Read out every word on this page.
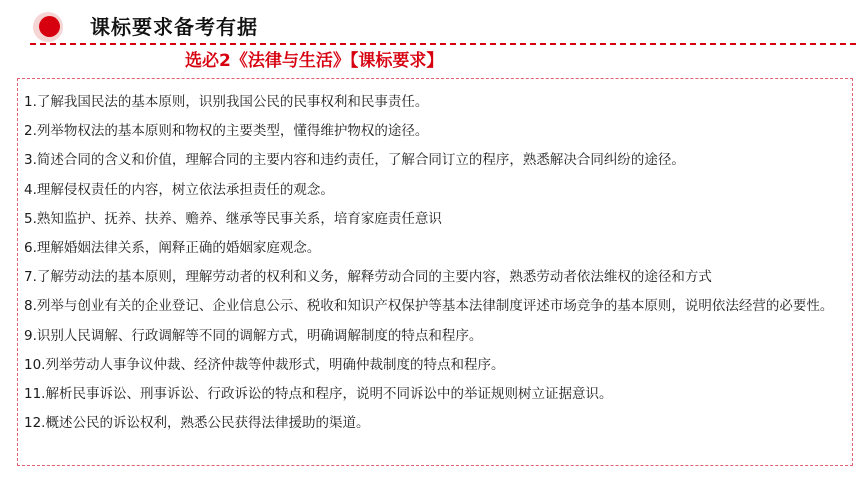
课标要求备考有据
选必2《法律与生活》【课标要求】
1.了解我国民法的基本原则，识别我国公民的民事权利和民事责任。
2.列举物权法的基本原则和物权的主要类型，懂得维护物权的途径。
3.简述合同的含义和价值，理解合同的主要内容和违约责任，了解合同订立的程序，熟悉解决合同纠纷的途径。
4.理解侵权责任的内容，树立依法承担责任的观念。
5.熟知监护、抚养、扶养、赡养、继承等民事关系，培育家庭责任意识
6.理解婚姻法律关系，阐释正确的婚姻家庭观念。
7.了解劳动法的基本原则，理解劳动者的权利和义务，解释劳动合同的主要内容，熟悉劳动者依法维权的途径和方式
8.列举与创业有关的企业登记、企业信息公示、税收和知识产权保护等基本法律制度评述市场竞争的基本原则，说明依法经营的必要性。
9.识别人民调解、行政调解等不同的调解方式，明确调解制度的特点和程序。
10.列举劳动人事争议仲裁、经济仲裁等仲裁形式，明确仲裁制度的特点和程序。
11.解析民事诉讼、刑事诉讼、行政诉讼的特点和程序，说明不同诉讼中的举证规则树立证据意识。
12.概述公民的诉讼权利，熟悉公民获得法律援助的渠道。
